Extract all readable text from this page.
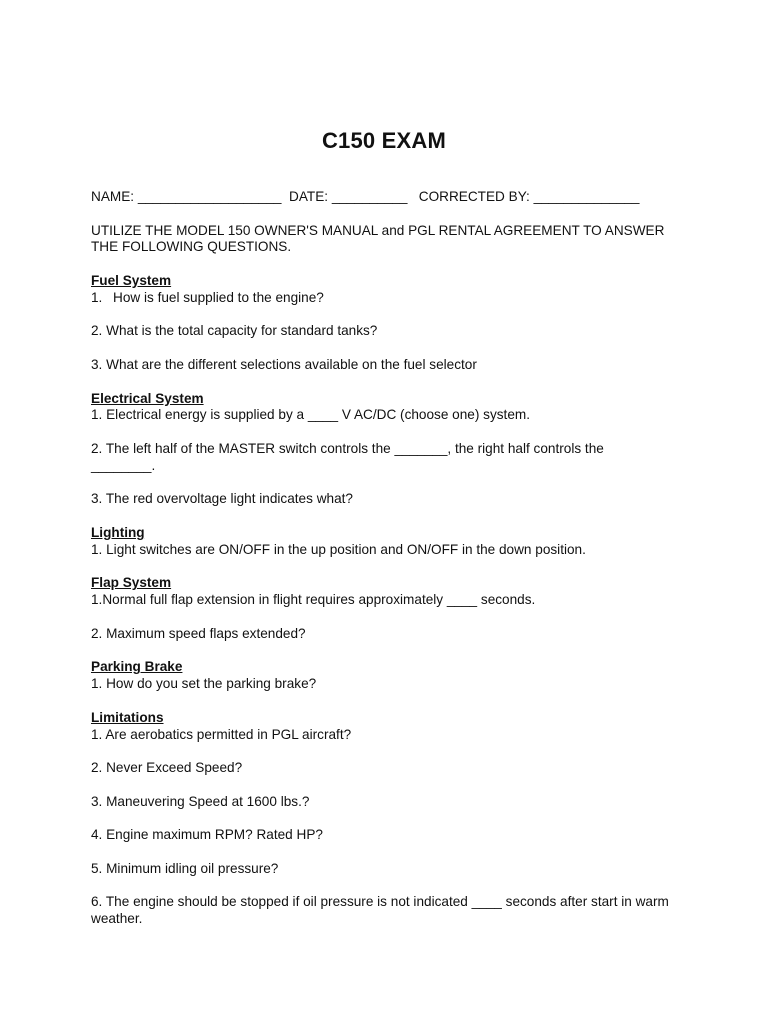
C150 EXAM

NAME: ___________________  DATE: __________   CORRECTED BY: ______________

UTILIZE THE MODEL 150 OWNER'S MANUAL and PGL RENTAL AGREEMENT TO ANSWER THE FOLLOWING QUESTIONS.

Fuel System

1. How is fuel supplied to the engine?

2. What is the total capacity for standard tanks?

3. What are the different selections available on the fuel selector

Electrical System

1. Electrical energy is supplied by a ____ V AC/DC (choose one) system.

2. The left half of the MASTER switch controls the _______, the right half controls the ________.

3. The red overvoltage light indicates what?

Lighting

1. Light switches are ON/OFF in the up position and ON/OFF in the down position.

Flap System

1.Normal full flap extension in flight requires approximately ____ seconds.

2. Maximum speed flaps extended?

Parking Brake

1. How do you set the parking brake?

Limitations

1. Are aerobatics permitted in PGL aircraft?

2. Never Exceed Speed?

3. Maneuvering Speed at 1600 lbs.?

4. Engine maximum RPM? Rated HP?

5. Minimum idling oil pressure?

6. The engine should be stopped if oil pressure is not indicated ____ seconds after start in warm weather.
